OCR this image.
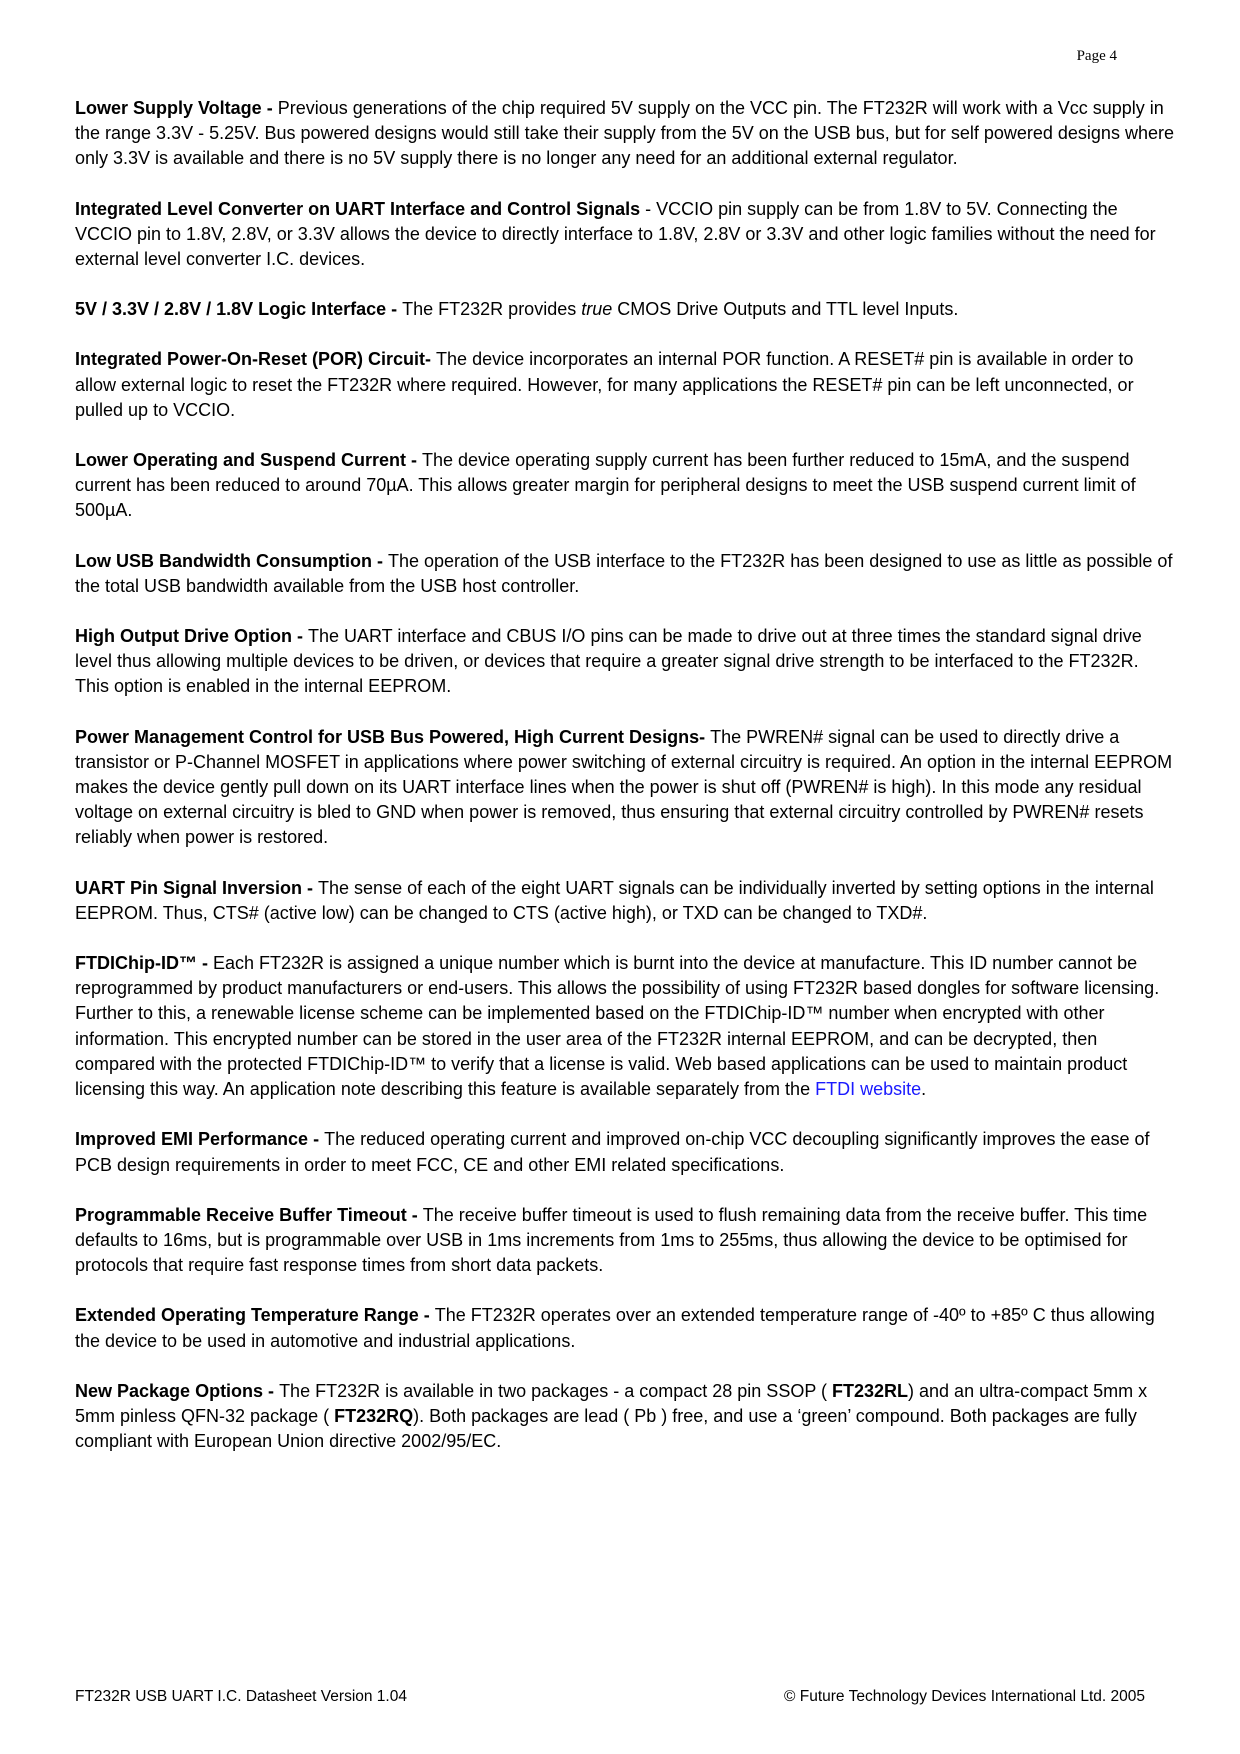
Page 4

Lower Supply Voltage - Previous generations of the chip required 5V supply on the VCC pin. The FT232R will work with a Vcc supply in the range 3.3V - 5.25V. Bus powered designs would still take their supply from the 5V on the USB bus, but for self powered designs where only 3.3V is available and there is no 5V supply there is no longer any need for an additional external regulator.

Integrated Level Converter on UART Interface and Control Signals - VCCIO pin supply can be from 1.8V to 5V. Connecting the VCCIO pin to 1.8V, 2.8V, or 3.3V allows the device to directly interface to 1.8V, 2.8V or 3.3V and other logic families without the need for external level converter I.C. devices.

5V / 3.3V / 2.8V / 1.8V Logic Interface - The FT232R provides true CMOS Drive Outputs and TTL level Inputs.

Integrated Power-On-Reset (POR) Circuit- The device incorporates an internal POR function. A RESET# pin is available in order to allow external logic to reset the FT232R where required. However, for many applications the RESET# pin can be left unconnected, or pulled up to VCCIO.

Lower Operating and Suspend Current - The device operating supply current has been further reduced to 15mA, and the suspend current has been reduced to around 70µA. This allows greater margin for peripheral designs to meet the USB suspend current limit of 500µA.

Low USB Bandwidth Consumption - The operation of the USB interface to the FT232R has been designed to use as little as possible of the total USB bandwidth available from the USB host controller.

High Output Drive Option - The UART interface and CBUS I/O pins can be made to drive out at three times the standard signal drive level thus allowing multiple devices to be driven, or devices that require a greater signal drive strength to be interfaced to the FT232R. This option is enabled in the internal EEPROM.

Power Management Control for USB Bus Powered, High Current Designs- The PWREN# signal can be used to directly drive a transistor or P-Channel MOSFET in applications where power switching of external circuitry is required. An option in the internal EEPROM makes the device gently pull down on its UART interface lines when the power is shut off (PWREN# is high). In this mode any residual voltage on external circuitry is bled to GND when power is removed, thus ensuring that external circuitry controlled by PWREN# resets reliably when power is restored.

UART Pin Signal Inversion - The sense of each of the eight UART signals can be individually inverted by setting options in the internal EEPROM. Thus, CTS# (active low) can be changed to CTS (active high), or TXD can be changed to TXD#.

FTDIChip-ID™ - Each FT232R is assigned a unique number which is burnt into the device at manufacture. This ID number cannot be reprogrammed by product manufacturers or end-users. This allows the possibility of using FT232R based dongles for software licensing. Further to this, a renewable license scheme can be implemented based on the FTDIChip-ID™ number when encrypted with other information. This encrypted number can be stored in the user area of the FT232R internal EEPROM, and can be decrypted, then compared with the protected FTDIChip-ID™ to verify that a license is valid. Web based applications can be used to maintain product licensing this way. An application note describing this feature is available separately from the FTDI website.

Improved EMI Performance - The reduced operating current and improved on-chip VCC decoupling significantly improves the ease of PCB design requirements in order to meet FCC, CE and other EMI related specifications.

Programmable Receive Buffer Timeout - The receive buffer timeout is used to flush remaining data from the receive buffer. This time defaults to 16ms, but is programmable over USB in 1ms increments from 1ms to 255ms, thus allowing the device to be optimised for protocols that require fast response times from short data packets.

Extended Operating Temperature Range - The FT232R operates over an extended temperature range of -40º to +85º C thus allowing the device to be used in automotive and industrial applications.

New Package Options - The FT232R is available in two packages - a compact 28 pin SSOP ( FT232RL) and an ultra-compact 5mm x 5mm pinless QFN-32 package ( FT232RQ). Both packages are lead ( Pb ) free, and use a ‘green’ compound. Both packages are fully compliant with European Union directive 2002/95/EC.

FT232R USB UART I.C. Datasheet Version 1.04	© Future Technology Devices International Ltd. 2005
